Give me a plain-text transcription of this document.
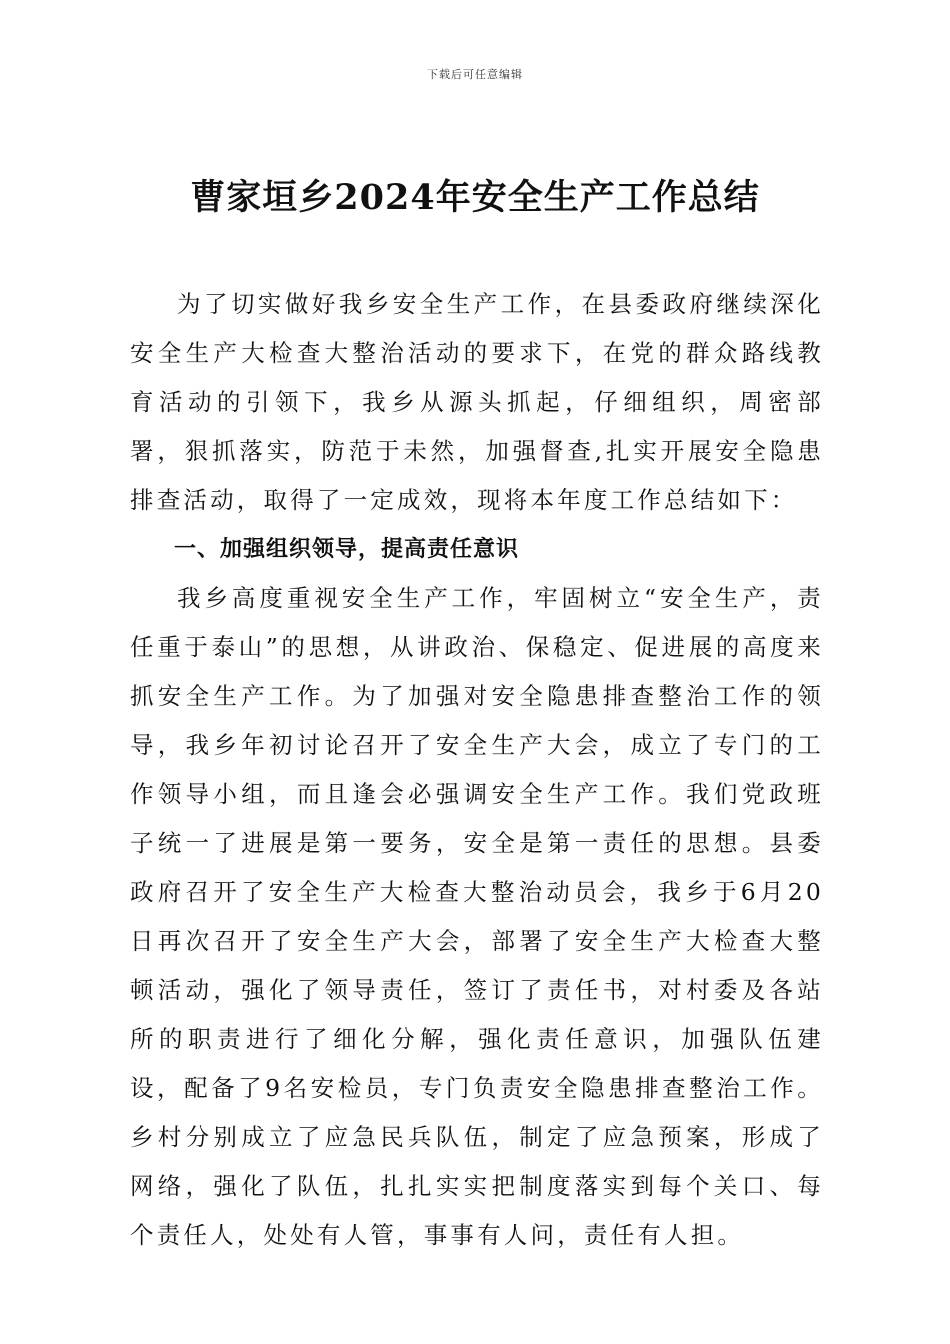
下载后可任意编辑
曹家垣乡2024年安全生产工作总结

为了切实做好我乡安全生产工作，在县委政府继续深化安全生产大检查大整治活动的要求下，在党的群众路线教育活动的引领下，我乡从源头抓起，仔细组织，周密部署，狠抓落实，防范于未然，加强督查,扎实开展安全隐患排查活动，取得了一定成效，现将本年度工作总结如下：

一、加强组织领导，提高责任意识

我乡高度重视安全生产工作，牢固树立“安全生产，责任重于泰山”的思想，从讲政治、保稳定、促进展的高度来抓安全生产工作。为了加强对安全隐患排查整治工作的领导，我乡年初讨论召开了安全生产大会，成立了专门的工作领导小组，而且逢会必强调安全生产工作。我们党政班子统一了进展是第一要务，安全是第一责任的思想。县委政府召开了安全生产大检查大整治动员会，我乡于6月20日再次召开了安全生产大会，部署了安全生产大检查大整顿活动，强化了领导责任，签订了责任书，对村委及各站所的职责进行了细化分解，强化责任意识，加强队伍建设，配备了9名安检员，专门负责安全隐患排查整治工作。乡村分别成立了应急民兵队伍，制定了应急预案，形成了网络，强化了队伍，扎扎实实把制度落实到每个关口、每个责任人，处处有人管，事事有人问，责任有人担。
